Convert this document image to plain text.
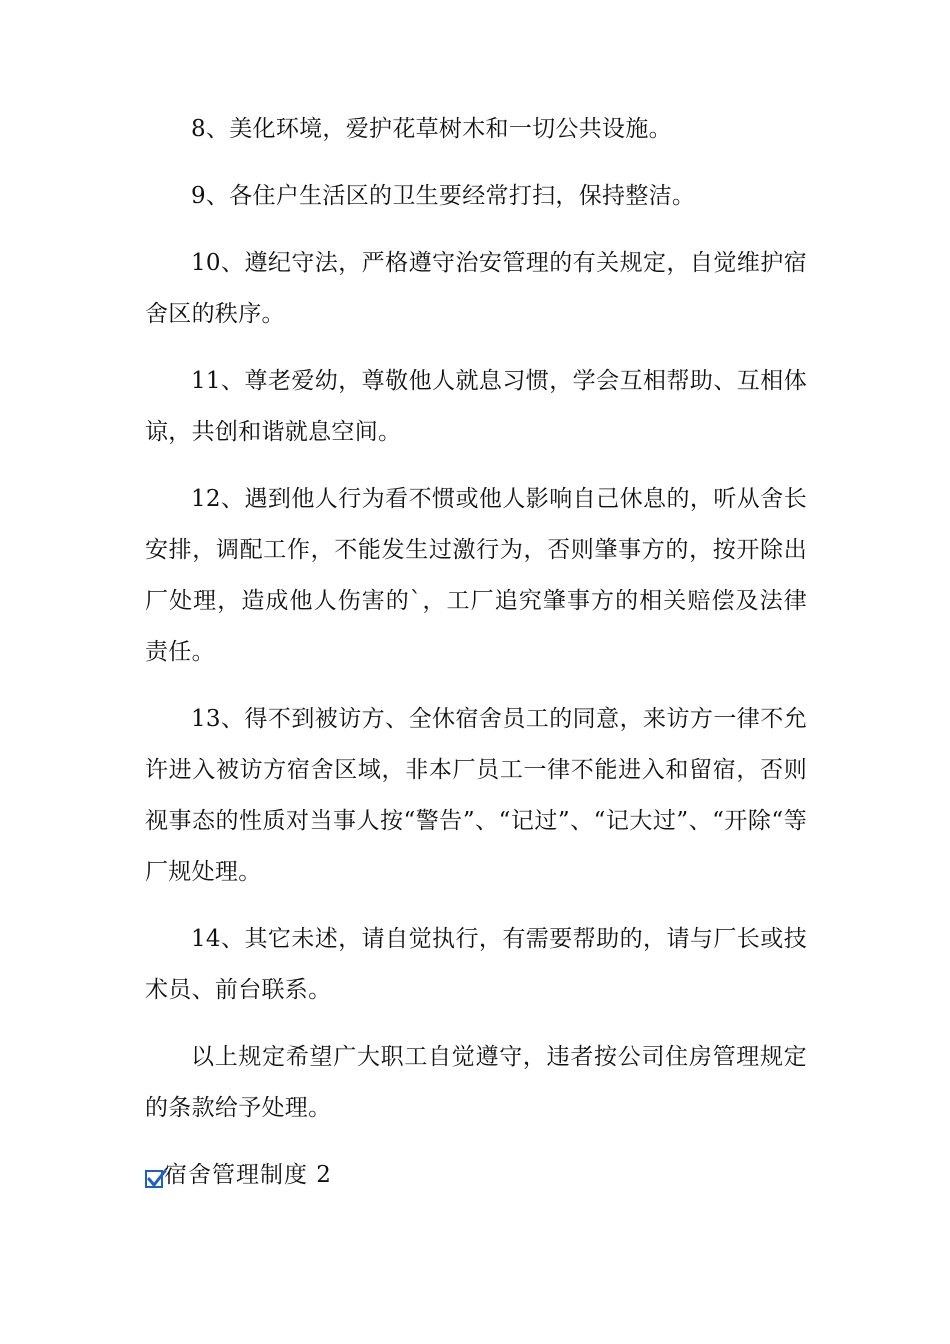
8、美化环境，爱护花草树木和一切公共设施。

9、各住户生活区的卫生要经常打扫，保持整洁。

10、遵纪守法，严格遵守治安管理的有关规定，自觉维护宿舍区的秩序。

11、尊老爱幼，尊敬他人就息习惯，学会互相帮助、互相体谅，共创和谐就息空间。

12、遇到他人行为看不惯或他人影响自己休息的，听从舍长安排，调配工作，不能发生过激行为，否则肇事方的，按开除出厂处理，造成他人伤害的`，工厂追究肇事方的相关赔偿及法律责任。

13、得不到被访方、全休宿舍员工的同意，来访方一律不允许进入被访方宿舍区域，非本厂员工一律不能进入和留宿，否则视事态的性质对当事人按“警告”、“记过”、“记大过”、“开除“等厂规处理。

14、其它未述，请自觉执行，有需要帮助的，请与厂长或技术员、前台联系。

以上规定希望广大职工自觉遵守，违者按公司住房管理规定的条款给予处理。

宿舍管理制度 2
